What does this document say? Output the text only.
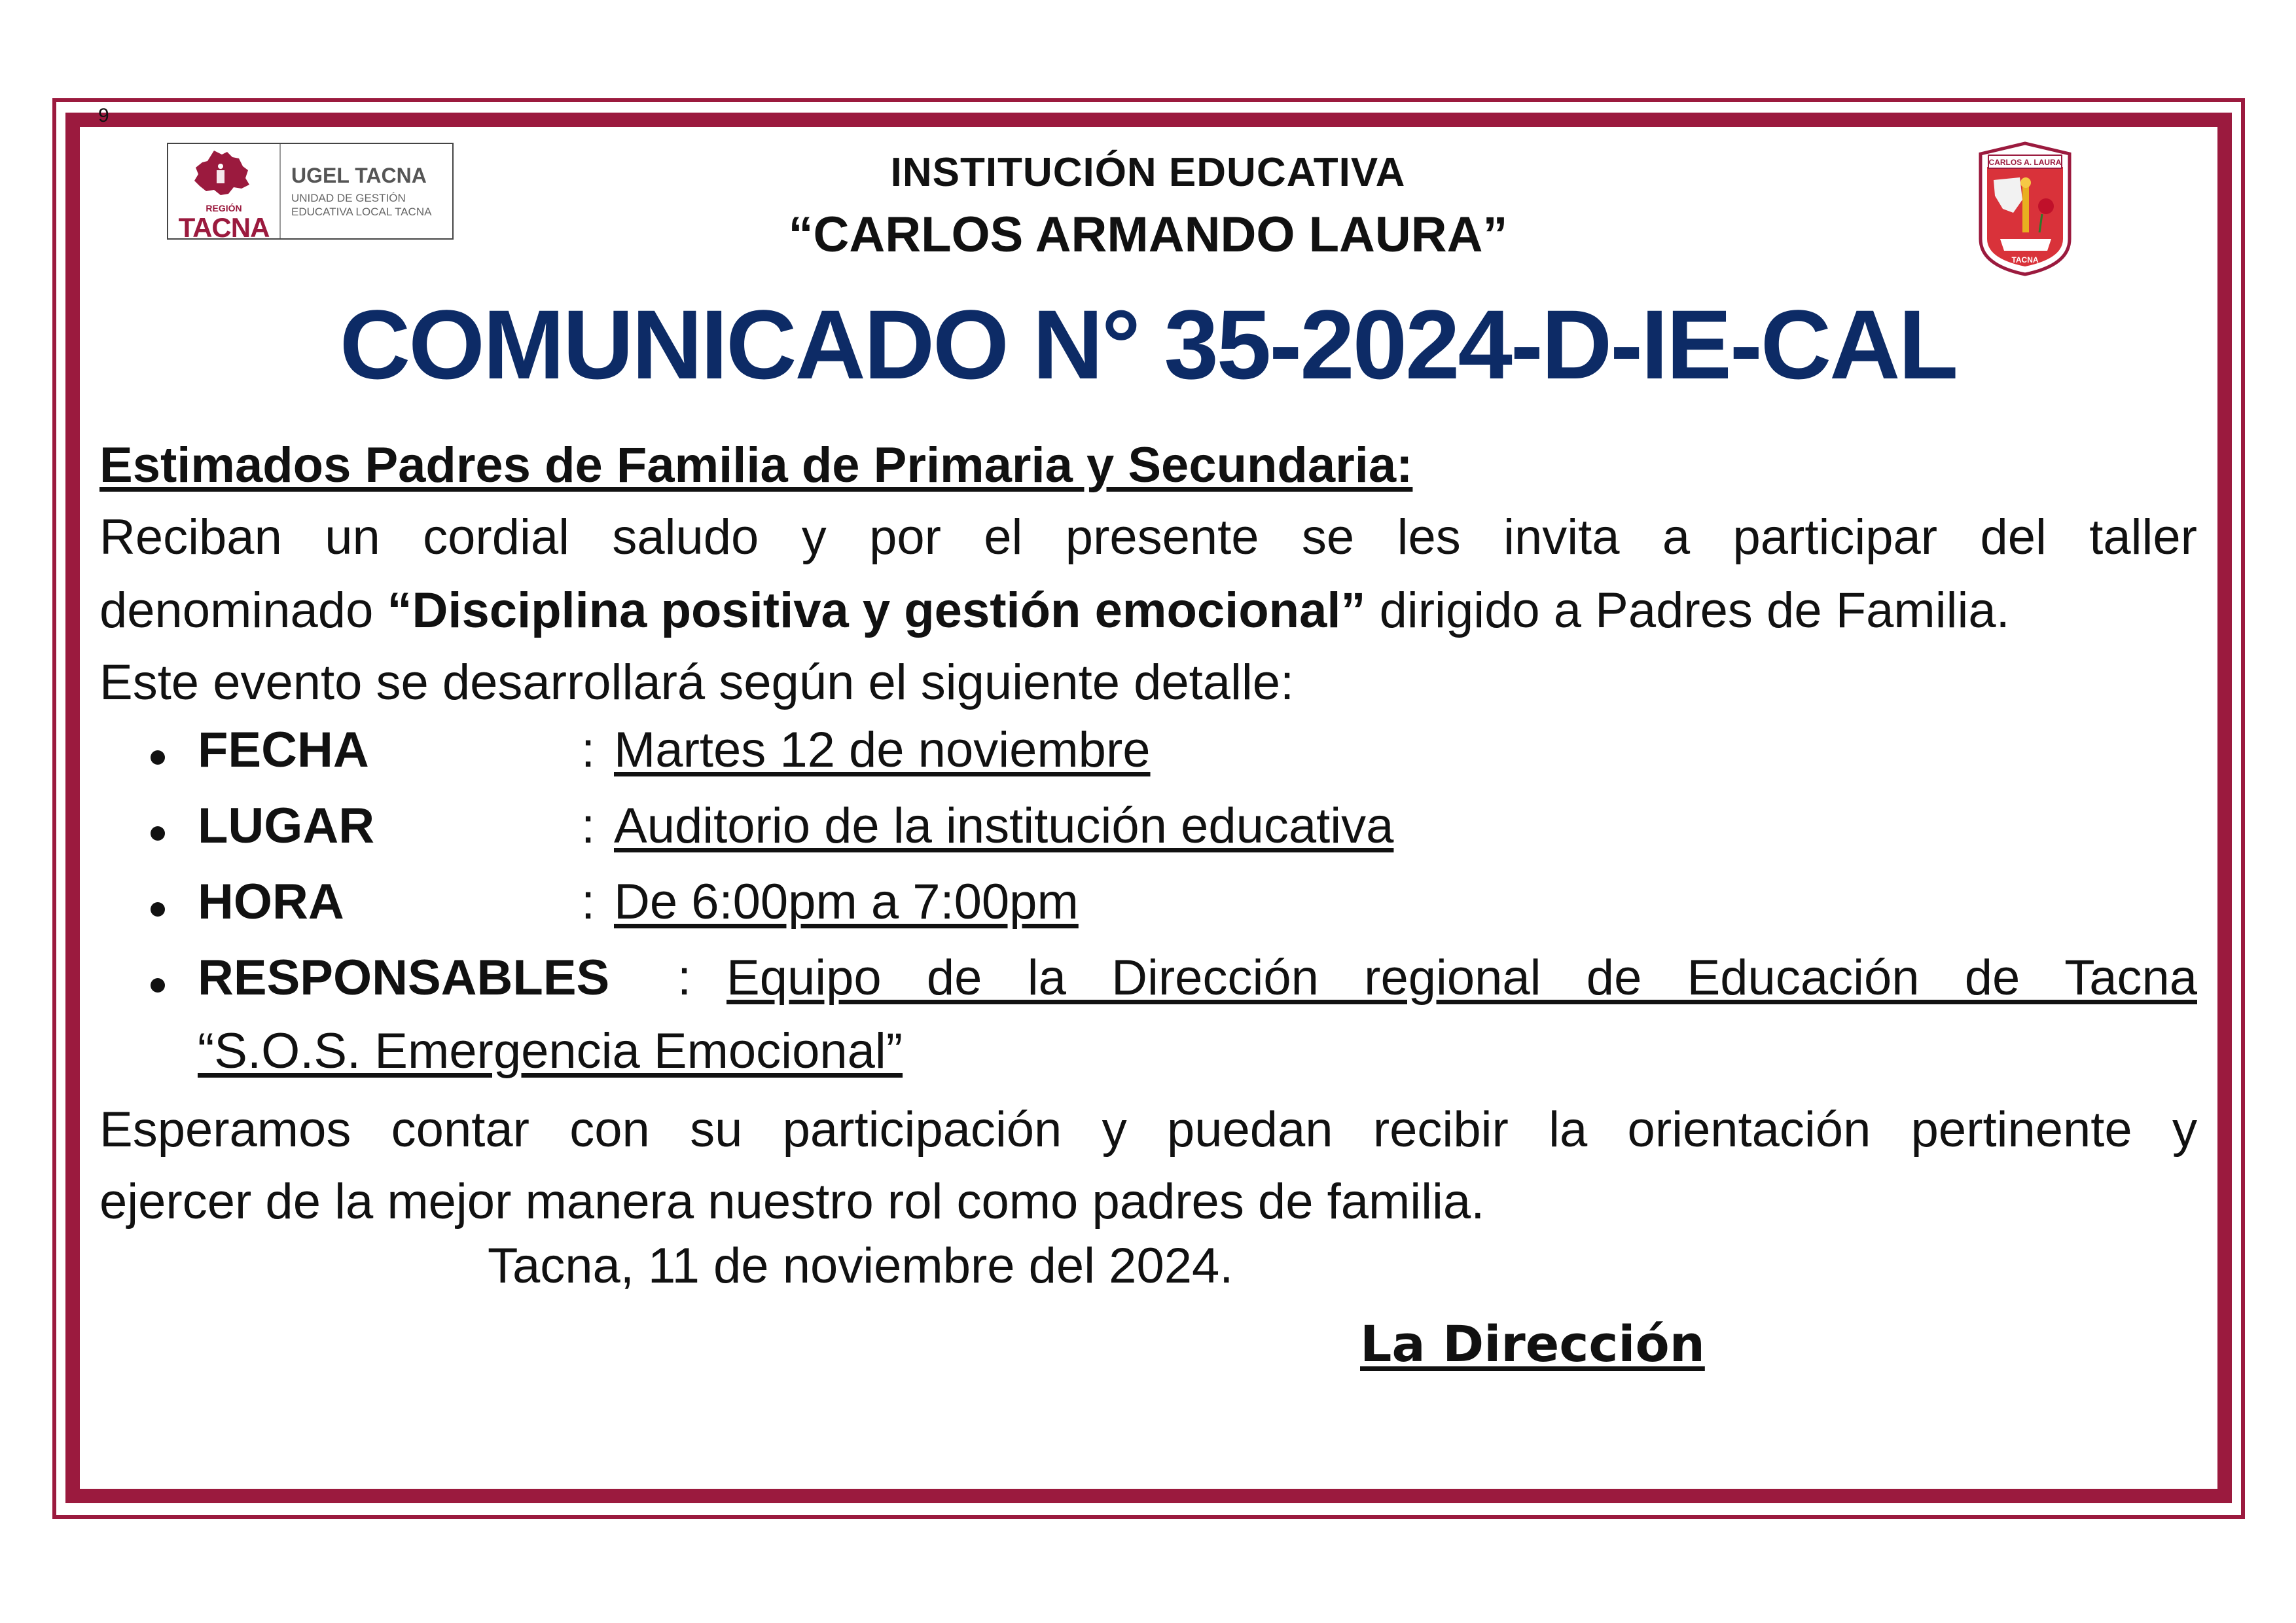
9
REGIÓN
TACNA
UGEL TACNA
UNIDAD DE GESTIÓN
EDUCATIVA LOCAL TACNA
CARLOS A. LAURA
TACNA
INSTITUCIÓN EDUCATIVA
“CARLOS ARMANDO LAURA”
COMUNICADO N° 35-2024-D-IE-CAL
Estimados Padres de Familia de Primaria y Secundaria:
Reciban un cordial saludo y por el presente se les invita a participar del taller
denominado “Disciplina positiva y gestión emocional” dirigido a Padres de Familia.
Este evento se desarrollará según el siguiente detalle:
FECHA	: Martes 12 de noviembre
LUGAR	: Auditorio de la institución educativa
HORA	: De 6:00pm a 7:00pm
RESPONSABLES : Equipo de la Dirección regional de Educación de Tacna
“S.O.S. Emergencia Emocional”
Esperamos contar con su participación y puedan recibir la orientación pertinente y
ejercer de la mejor manera nuestro rol como padres de familia.
Tacna, 11 de noviembre del 2024.
La Dirección
